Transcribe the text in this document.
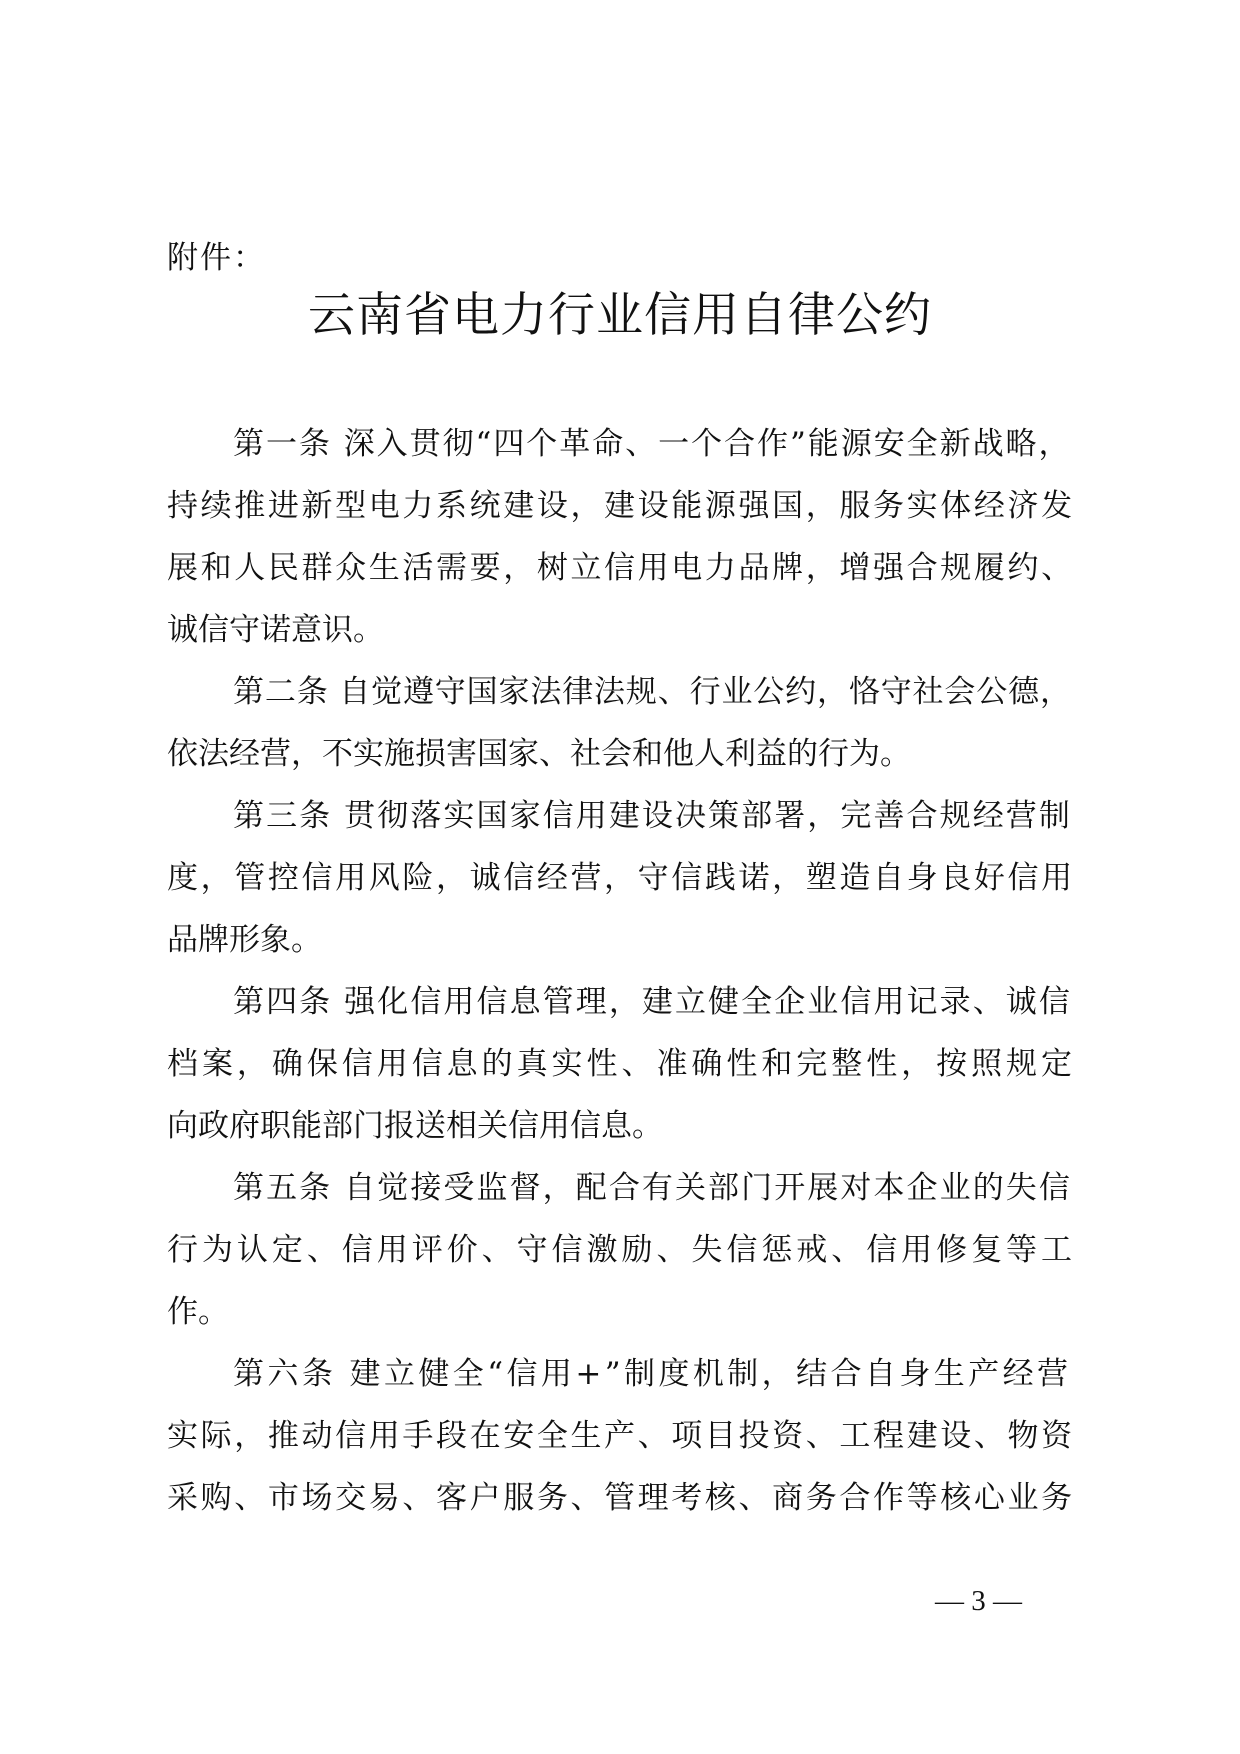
附件：
云南省电力行业信用自律公约
第一条 深入贯彻“四个革命、一个合作”能源安全新战略，
持续推进新型电力系统建设，建设能源强国，服务实体经济发
展和人民群众生活需要，树立信用电力品牌，增强合规履约、
诚信守诺意识。
第二条 自觉遵守国家法律法规、行业公约，恪守社会公德，
依法经营，不实施损害国家、社会和他人利益的行为。
第三条 贯彻落实国家信用建设决策部署，完善合规经营制
度，管控信用风险，诚信经营，守信践诺，塑造自身良好信用
品牌形象。
第四条 强化信用信息管理，建立健全企业信用记录、诚信
档案，确保信用信息的真实性、准确性和完整性，按照规定
向政府职能部门报送相关信用信息。
第五条 自觉接受监督，配合有关部门开展对本企业的失信
行为认定、信用评价、守信激励、失信惩戒、信用修复等工
作。
第六条 建立健全“信用+”制度机制，结合自身生产经营
实际，推动信用手段在安全生产、项目投资、工程建设、物资
采购、市场交易、客户服务、管理考核、商务合作等核心业务
— 3 —
